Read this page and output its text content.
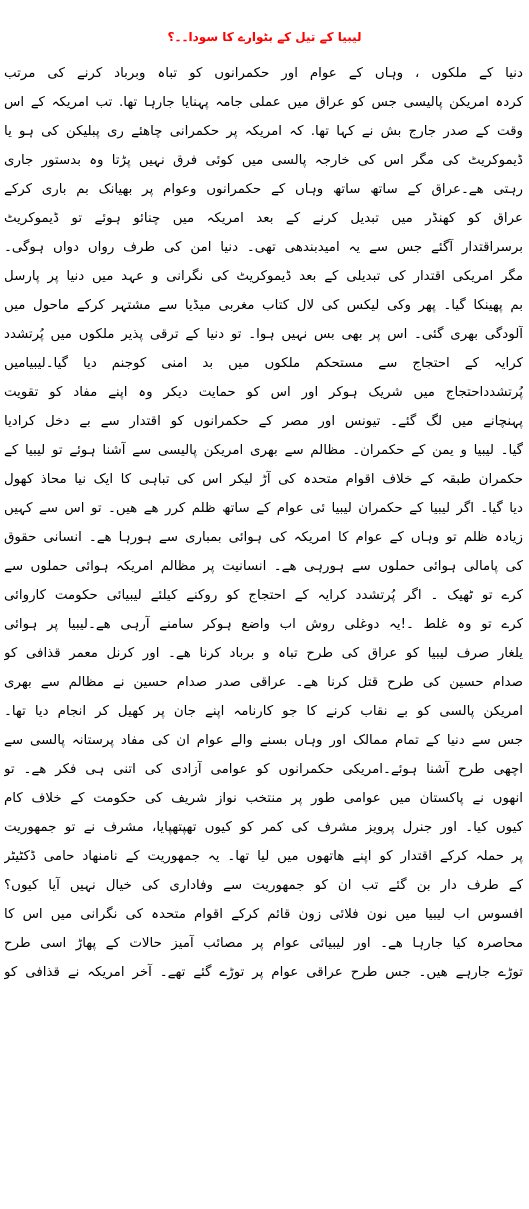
لیبیا کے تیل کے بٹوارے کا سودا۔۔؟
دنیا کے ملکوں ، وہاں کے عوام اور حکمرانوں کو تباہ وبرباد کرنے کی مرتب
کردہ امریکن پالیسی جس کو عراق میں عملی جامہ پہنایا جارہا تھا. تب امریکہ کے اس
وقت کے صدر جارج بش نے کہا تھا. کہ امریکہ پر حکمرانی چاھئے ری پبلیکن کی ہو یا
ڈیموکریٹ کی مگر اس کی خارجہ پالسی میں کوئی فرق نہیں پڑتا وہ بدستور جاری
رہتی ھے۔عراق کے ساتھ ساتھ وہاں کے حکمرانوں وعوام پر بھیانک بم باری کرکے
عراق کو کھنڈر میں تبدیل کرنے کے بعد امریکہ میں چنائو ہوئے تو ڈیموکریٹ
برسراقتدار آگئے جس سے یہ امیدبندھی تھی۔ دنیا امن کی طرف رواں دواں ہوگی۔
مگر امریکی اقتدار کی تبدیلی کے بعد ڈیموکریٹ کی نگرانی و عہد میں دنیا پر پارسل
بم پھینکا گیا۔ پھر وکی لیکس کی لال کتاب مغربی میڈیا سے مشتہر کرکے ماحول میں
آلودگی بھری گئی۔ اس پر بھی بس نہیں ہوا۔ تو دنیا کے ترقی پذیر ملکوں میں پُرتشدد
کرایہ کے احتجاج سے مستحکم ملکوں میں بد امنی کوجنم دیا گیا۔لیبیامیں
پُرتشدداحتجاج میں شریک ہوکر اور اس کو حمایت دیکر وہ اپنے مفاد کو تقویت
پہنچانے میں لگ گئے۔ تیونس اور مصر کے حکمرانوں کو اقتدار سے بے دخل کرادیا
گیا۔ لیبیا و یمن کے حکمران۔ مظالم سے بھری امریکن پالیسی سے آشنا ہوئے تو لیبیا کے
حکمران طبقہ کے خلاف اقوام متحدہ کی آڑ لیکر اس کی تباہی کا ایک نیا محاذ کھول
دیا گیا۔ اگر لیبیا کے حکمران لیبیا ئی عوام کے ساتھ ظلم کرر ھے ھیں۔ تو اس سے کہیں
زیادہ ظلم تو وہاں کے عوام کا امریکہ کی ہوائی بمباری سے ہورہا ھے۔ انسانی حقوق
کی پامالی ہوائی حملوں سے ہورہی ھے۔ انسانیت پر مظالم امریکہ ہوائی حملوں سے
کرے تو ٹھیک ۔ اگر پُرتشدد کرایہ کے احتجاج کو روکنے کیلئے لیبیائی حکومت کاروائی
کرے تو وہ غلط ۔!یہ دوغلی روش اب واضع ہوکر سامنے آرہی ھے۔لیبیا پر ہوائی
یلغار صرف لیبیا کو عراق کی طرح تباہ و برباد کرنا ھے۔ اور کرنل معمر قذافی کو
صدام حسین کی طرح قتل کرنا ھے۔ عراقی صدر صدام حسین نے مظالم سے بھری
امریکن پالسی کو بے نقاب کرنے کا جو کارنامہ اپنے جان پر کھیل کر انجام دیا تھا۔
جس سے دنیا کے تمام ممالک اور وہاں بسنے والے عوام ان کی مفاد پرستانہ پالسی سے
اچھی طرح آشنا ہوئے۔امریکی حکمرانوں کو عوامی آزادی کی اتنی ہی فکر ھے۔ تو
انھوں نے پاکستان میں عوامی طور پر منتخب نواز شریف کی حکومت کے خلاف کام
کیوں کیا۔ اور جنرل پرویز مشرف کی کمر کو کیوں تھپتھپایا، مشرف نے تو جمھوریت
پر حملہ کرکے اقتدار کو اپنے ھاتھوں میں لیا تھا۔ یہ جمھوریت کے نامنھاد حامی ڈکٹیٹر
کے طرف دار بن گئے تب ان کو جمھوریت سے وفاداری کی خیال نہیں آیا کیوں؟
افسوس اب لیبیا میں نون فلائی زون قائم کرکے اقوام متحدہ کی نگرانی میں اس کا
محاصرہ کیا جارہا ھے۔ اور لیبیائی عوام پر مصائب آمیز حالات کے پھاڑ اسی طرح
توڑے جارہے ھیں۔ جس طرح عراقی عوام پر توڑے گئے تھے۔ آخر امریکہ نے قذافی کو
